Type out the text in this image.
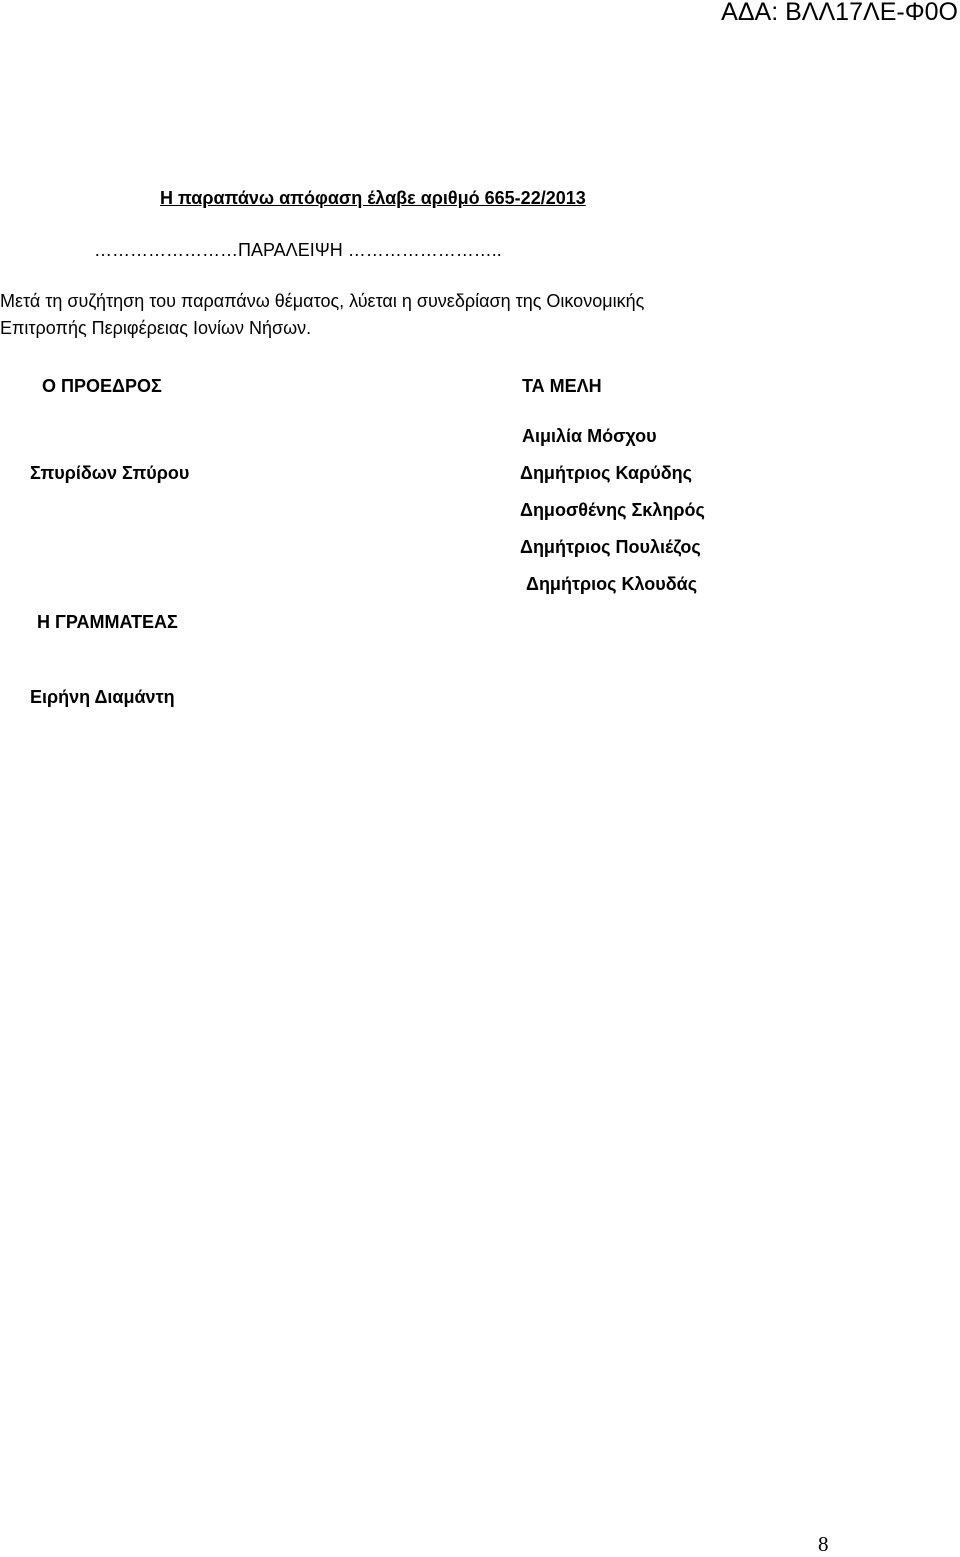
ΑΔΑ: ΒΛΛ17ΛΕ-Φ0Ο
Η παραπάνω απόφαση έλαβε αριθμό 665-22/2013
……………………ΠΑΡΑΛΕΙΨΗ ……………………..
Μετά τη συζήτηση του παραπάνω θέματος, λύεται η συνεδρίαση της Οικονομικής
Επιτροπής Περιφέρειας Ιονίων Νήσων.
Ο ΠΡΟΕΔΡΟΣ
Σπυρίδων Σπύρου
Η ΓΡΑΜΜΑΤΕΑΣ
Ειρήνη Διαμάντη
ΤΑ ΜΕΛΗ
Αιμιλία Μόσχου
Δημήτριος Καρύδης
Δημοσθένης Σκληρός
Δημήτριος Πουλιέζος
Δημήτριος Κλουδάς
8
